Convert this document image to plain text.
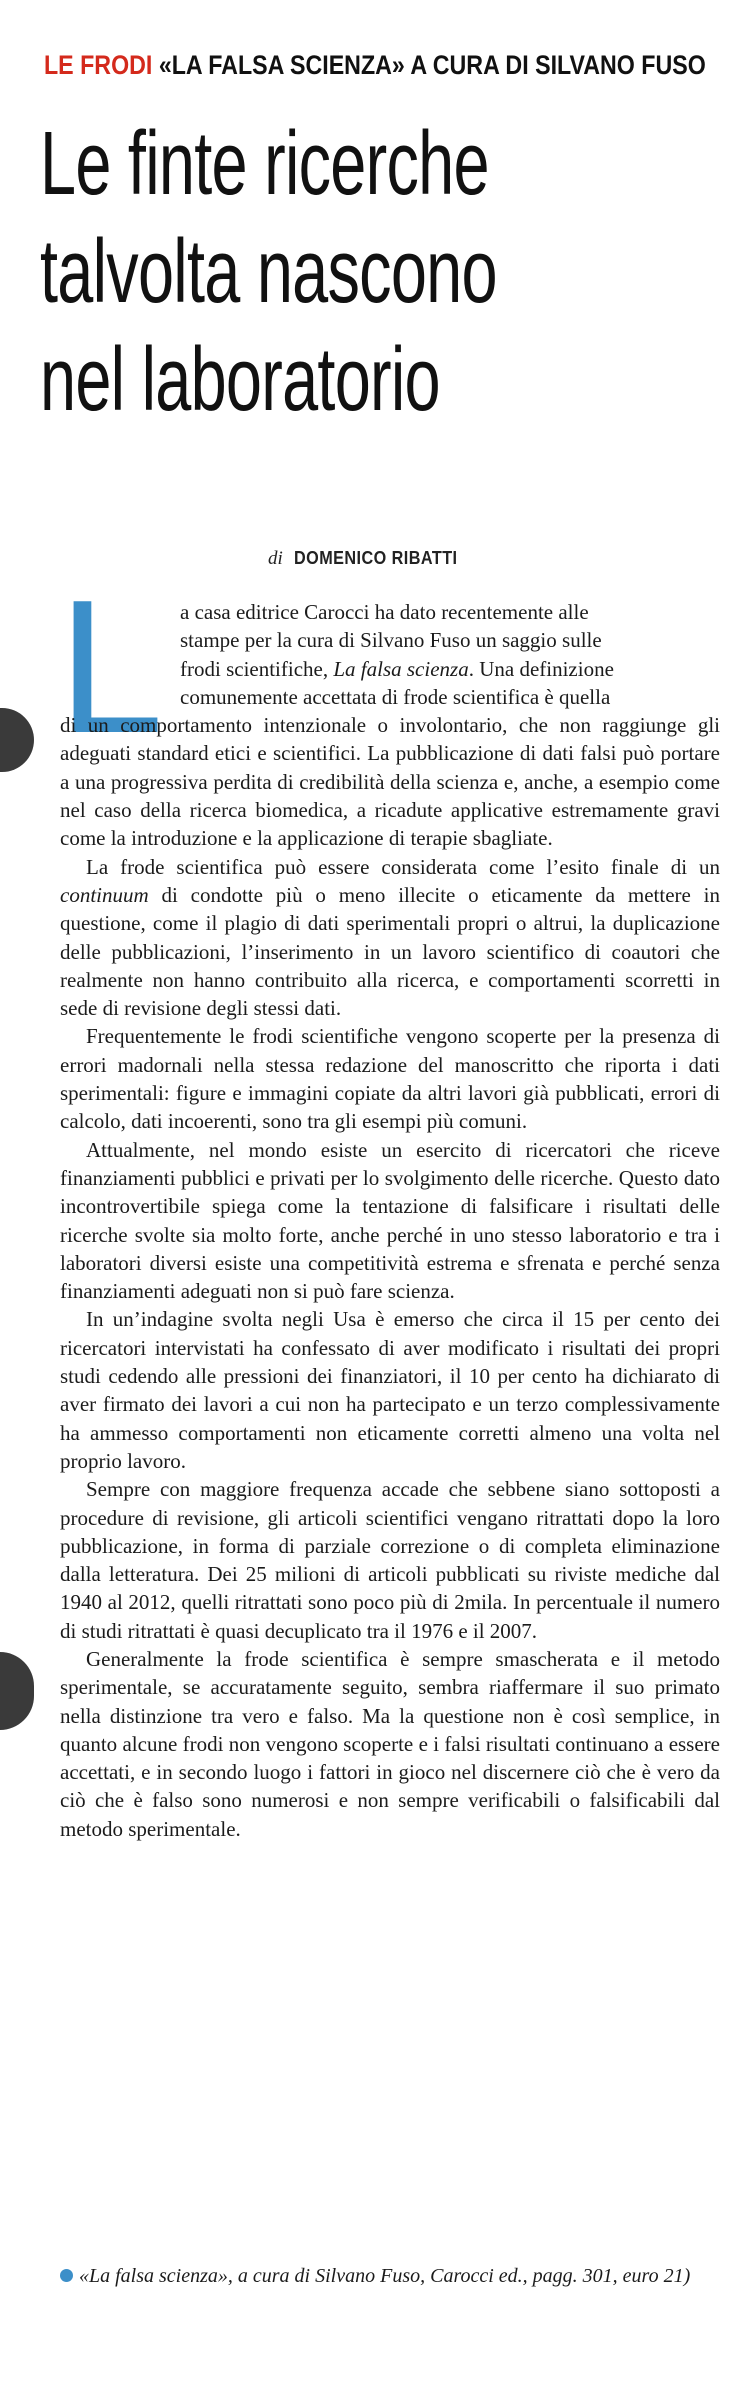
LE FRODI «LA FALSA SCIENZA» A CURA DI SILVANO FUSO
Le finte ricerche
talvolta nascono
nel laboratorio
di DOMENICO RIBATTI
L a casa editrice Carocci ha dato recentemente alle
stampe per la cura di Silvano Fuso un saggio sulle
frodi scientifiche, La falsa scienza. Una definizione
comunemente accettata di frode scientifica è quella
di un comportamento intenzionale o involontario, che non raggiunge gli adeguati standard etici e scientifici. La pubblicazione di dati falsi può portare a una progressiva perdita di credibilità della scienza e, anche, a esempio come nel caso della ricerca biomedica, a ricadute applicative estremamente gravi come la introduzione e la applicazione di terapie sbagliate.

La frode scientifica può essere considerata come l’esito finale di un continuum di condotte più o meno illecite o eticamente da mettere in questione, come il plagio di dati sperimentali propri o altrui, la duplicazione delle pubblicazioni, l’inserimento in un lavoro scientifico di coautori che realmente non hanno contribuito alla ricerca, e comportamenti scorretti in sede di revisione degli stessi dati.

Frequentemente le frodi scientifiche vengono scoperte per la presenza di errori madornali nella stessa redazione del manoscritto che riporta i dati sperimentali: figure e immagini copiate da altri lavori già pubblicati, errori di calcolo, dati incoerenti, sono tra gli esempi più comuni.

Attualmente, nel mondo esiste un esercito di ricercatori che riceve finanziamenti pubblici e privati per lo svolgimento delle ricerche. Questo dato incontrovertibile spiega come la tentazione di falsificare i risultati delle ricerche svolte sia molto forte, anche perché in uno stesso laboratorio e tra i laboratori diversi esiste una competitività estrema e sfrenata e perché senza finanziamenti adeguati non si può fare scienza.

In un’indagine svolta negli Usa è emerso che circa il 15 per cento dei ricercatori intervistati ha confessato di aver modificato i risultati dei propri studi cedendo alle pressioni dei finanziatori, il 10 per cento ha dichiarato di aver firmato dei lavori a cui non ha partecipato e un terzo complessivamente ha ammesso comportamenti non eticamente corretti almeno una volta nel proprio lavoro.

Sempre con maggiore frequenza accade che sebbene siano sottoposti a procedure di revisione, gli articoli scientifici vengano ritrattati dopo la loro pubblicazione, in forma di parziale correzione o di completa eliminazione dalla letteratura. Dei 25 milioni di articoli pubblicati su riviste mediche dal 1940 al 2012, quelli ritrattati sono poco più di 2mila. In percentuale il numero di studi ritrattati è quasi decuplicato tra il 1976 e il 2007.

Generalmente la frode scientifica è sempre smascherata e il metodo sperimentale, se accuratamente seguito, sembra riaffermare il suo primato nella distinzione tra vero e falso. Ma la questione non è così semplice, in quanto alcune frodi non vengono scoperte e i falsi risultati continuano a essere accettati, e in secondo luogo i fattori in gioco nel discernere ciò che è vero da ciò che è falso sono numerosi e non sempre verificabili o falsificabili dal metodo sperimentale.

«La falsa scienza», a cura di Silvano Fuso, Carocci ed., pagg. 301, euro 21)
